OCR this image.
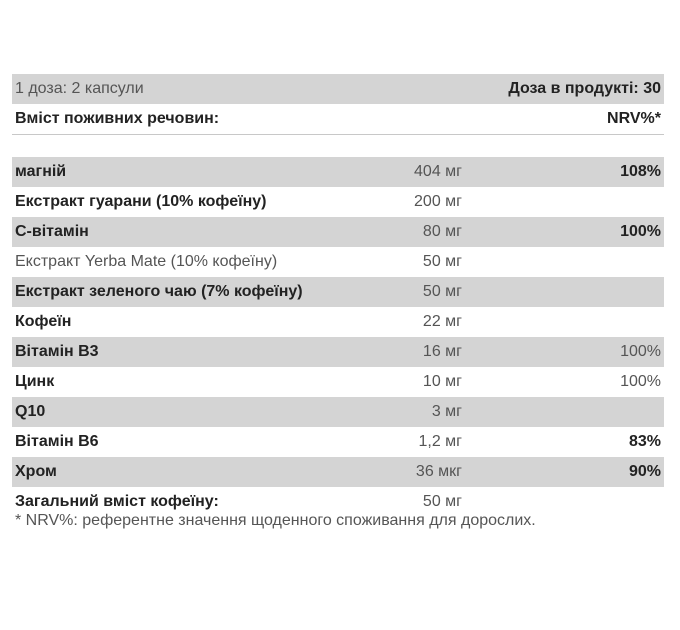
1 доза: 2 капсули	Доза в продукті: 30
Вміст поживних речовин:	NRV%*
магній	404 мг	108%
Екстракт гуарани (10% кофеїну)	200 мг
C-вітамін	80 мг	100%
Екстракт Yerba Mate (10% кофеїну)	50 мг
Екстракт зеленого чаю (7% кофеїну)	50 мг
Кофеїн	22 мг
Вітамін B3	16 мг	100%
Цинк	10 мг	100%
Q10	3 мг
Вітамін B6	1,2 мг	83%
Хром	36 мкг	90%
Загальний вміст кофеїну:	50 мг
* NRV%: референтне значення щоденного споживання для дорослих.
